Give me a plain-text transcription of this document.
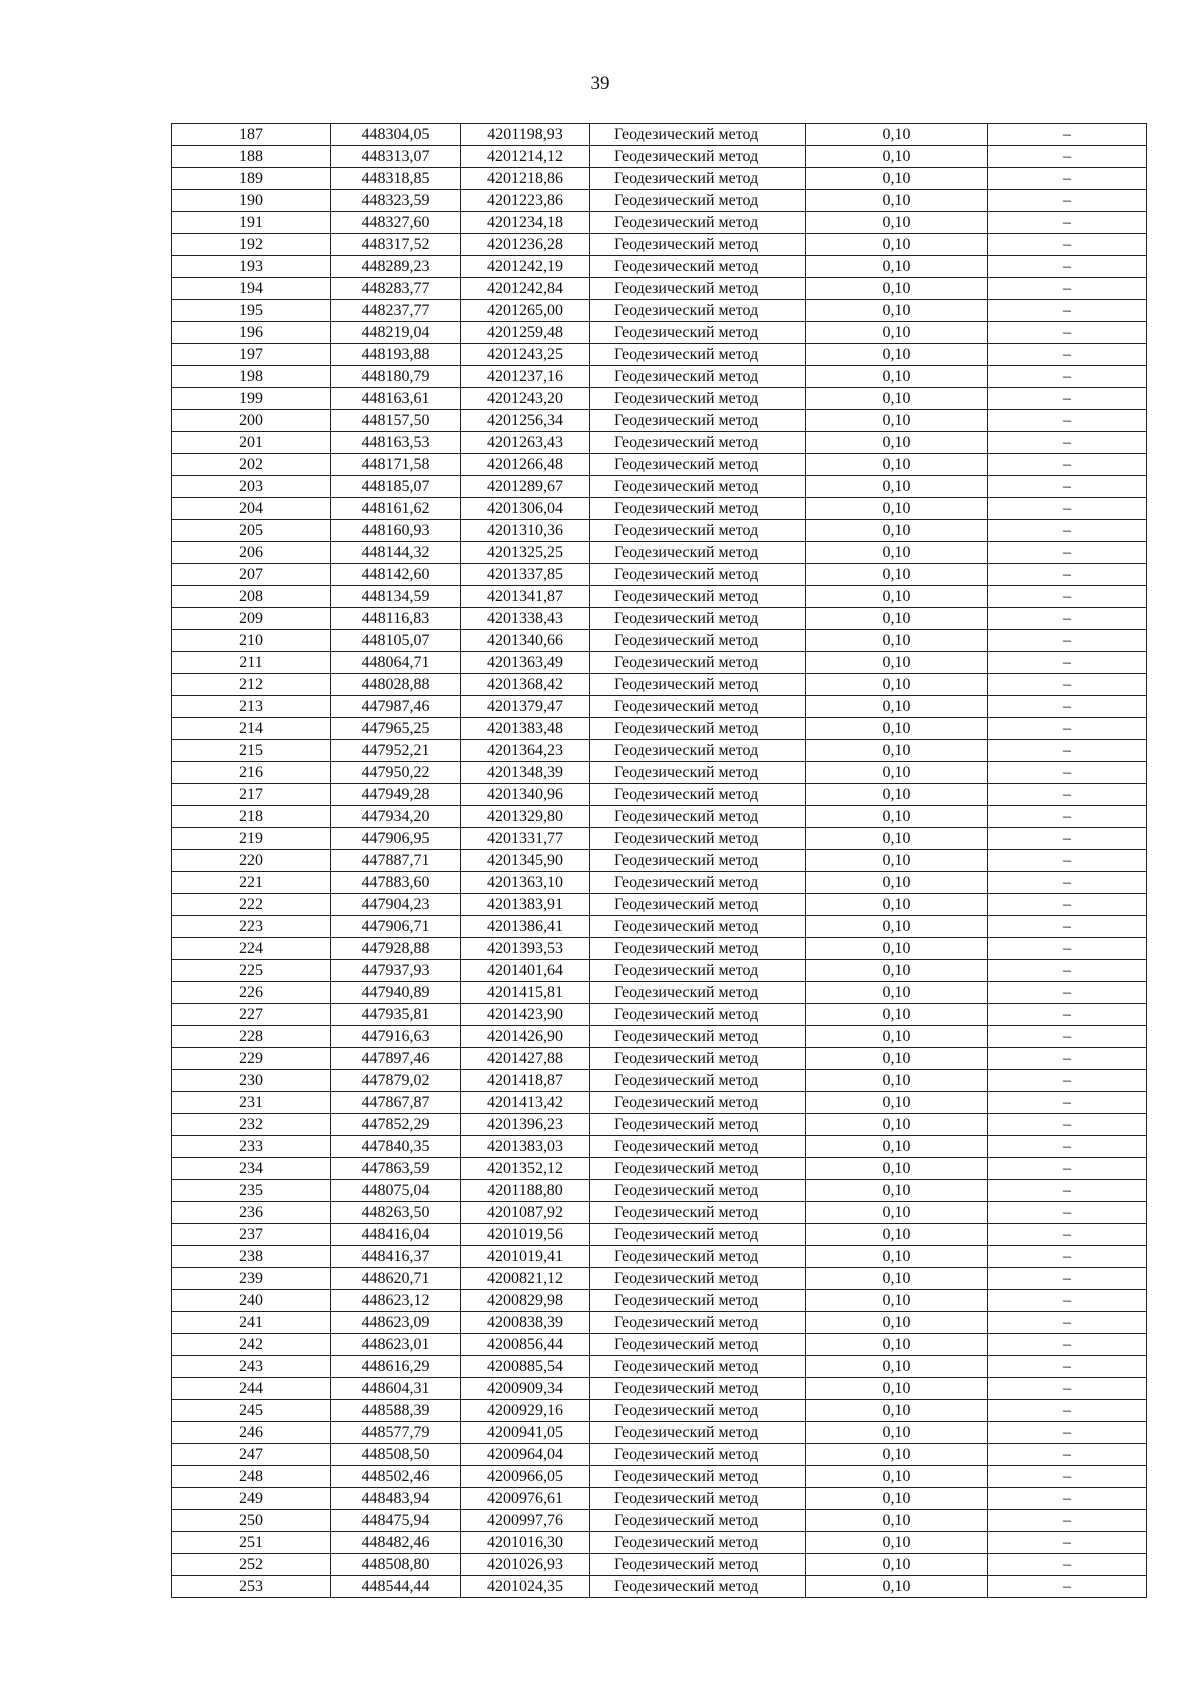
39
187	448304,05	4201198,93	Геодезический метод	0,10	–
188	448313,07	4201214,12	Геодезический метод	0,10	–
189	448318,85	4201218,86	Геодезический метод	0,10	–
190	448323,59	4201223,86	Геодезический метод	0,10	–
191	448327,60	4201234,18	Геодезический метод	0,10	–
192	448317,52	4201236,28	Геодезический метод	0,10	–
193	448289,23	4201242,19	Геодезический метод	0,10	–
194	448283,77	4201242,84	Геодезический метод	0,10	–
195	448237,77	4201265,00	Геодезический метод	0,10	–
196	448219,04	4201259,48	Геодезический метод	0,10	–
197	448193,88	4201243,25	Геодезический метод	0,10	–
198	448180,79	4201237,16	Геодезический метод	0,10	–
199	448163,61	4201243,20	Геодезический метод	0,10	–
200	448157,50	4201256,34	Геодезический метод	0,10	–
201	448163,53	4201263,43	Геодезический метод	0,10	–
202	448171,58	4201266,48	Геодезический метод	0,10	–
203	448185,07	4201289,67	Геодезический метод	0,10	–
204	448161,62	4201306,04	Геодезический метод	0,10	–
205	448160,93	4201310,36	Геодезический метод	0,10	–
206	448144,32	4201325,25	Геодезический метод	0,10	–
207	448142,60	4201337,85	Геодезический метод	0,10	–
208	448134,59	4201341,87	Геодезический метод	0,10	–
209	448116,83	4201338,43	Геодезический метод	0,10	–
210	448105,07	4201340,66	Геодезический метод	0,10	–
211	448064,71	4201363,49	Геодезический метод	0,10	–
212	448028,88	4201368,42	Геодезический метод	0,10	–
213	447987,46	4201379,47	Геодезический метод	0,10	–
214	447965,25	4201383,48	Геодезический метод	0,10	–
215	447952,21	4201364,23	Геодезический метод	0,10	–
216	447950,22	4201348,39	Геодезический метод	0,10	–
217	447949,28	4201340,96	Геодезический метод	0,10	–
218	447934,20	4201329,80	Геодезический метод	0,10	–
219	447906,95	4201331,77	Геодезический метод	0,10	–
220	447887,71	4201345,90	Геодезический метод	0,10	–
221	447883,60	4201363,10	Геодезический метод	0,10	–
222	447904,23	4201383,91	Геодезический метод	0,10	–
223	447906,71	4201386,41	Геодезический метод	0,10	–
224	447928,88	4201393,53	Геодезический метод	0,10	–
225	447937,93	4201401,64	Геодезический метод	0,10	–
226	447940,89	4201415,81	Геодезический метод	0,10	–
227	447935,81	4201423,90	Геодезический метод	0,10	–
228	447916,63	4201426,90	Геодезический метод	0,10	–
229	447897,46	4201427,88	Геодезический метод	0,10	–
230	447879,02	4201418,87	Геодезический метод	0,10	–
231	447867,87	4201413,42	Геодезический метод	0,10	–
232	447852,29	4201396,23	Геодезический метод	0,10	–
233	447840,35	4201383,03	Геодезический метод	0,10	–
234	447863,59	4201352,12	Геодезический метод	0,10	–
235	448075,04	4201188,80	Геодезический метод	0,10	–
236	448263,50	4201087,92	Геодезический метод	0,10	–
237	448416,04	4201019,56	Геодезический метод	0,10	–
238	448416,37	4201019,41	Геодезический метод	0,10	–
239	448620,71	4200821,12	Геодезический метод	0,10	–
240	448623,12	4200829,98	Геодезический метод	0,10	–
241	448623,09	4200838,39	Геодезический метод	0,10	–
242	448623,01	4200856,44	Геодезический метод	0,10	–
243	448616,29	4200885,54	Геодезический метод	0,10	–
244	448604,31	4200909,34	Геодезический метод	0,10	–
245	448588,39	4200929,16	Геодезический метод	0,10	–
246	448577,79	4200941,05	Геодезический метод	0,10	–
247	448508,50	4200964,04	Геодезический метод	0,10	–
248	448502,46	4200966,05	Геодезический метод	0,10	–
249	448483,94	4200976,61	Геодезический метод	0,10	–
250	448475,94	4200997,76	Геодезический метод	0,10	–
251	448482,46	4201016,30	Геодезический метод	0,10	–
252	448508,80	4201026,93	Геодезический метод	0,10	–
253	448544,44	4201024,35	Геодезический метод	0,10	–
